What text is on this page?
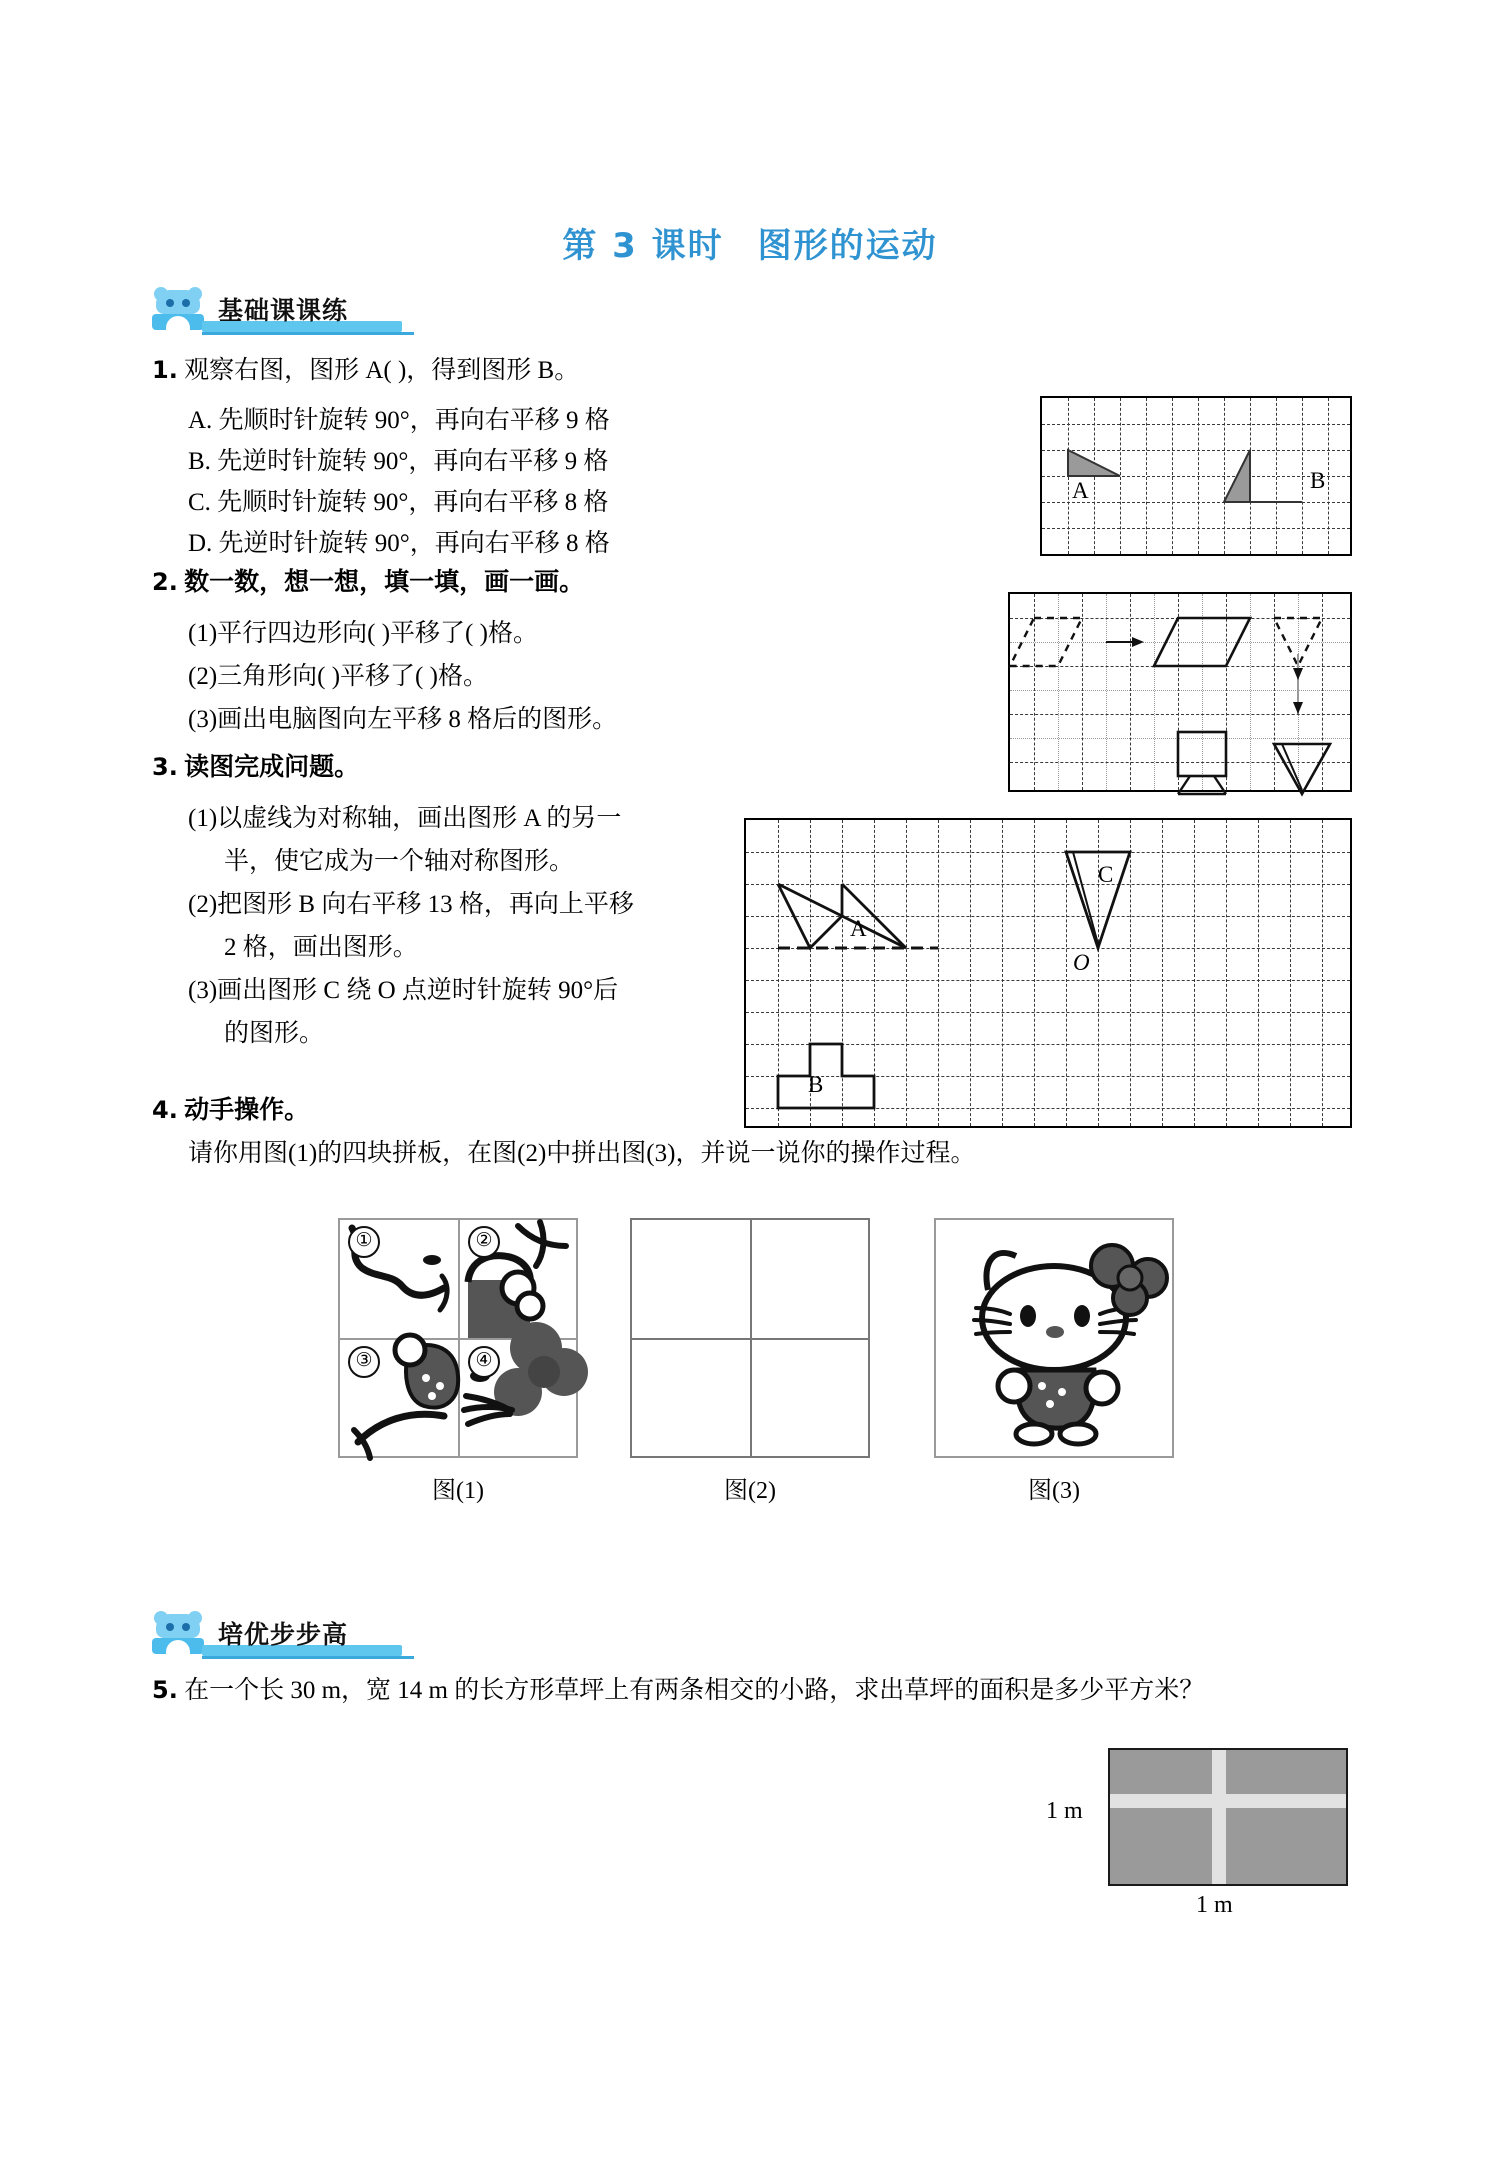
第 3 课时 图形的运动
基础课课练
1. 观察右图，图形 A( )，得到图形 B。
A. 先顺时针旋转 90°，再向右平移 9 格
B. 先逆时针旋转 90°，再向右平移 9 格
C. 先顺时针旋转 90°，再向右平移 8 格
D. 先逆时针旋转 90°，再向右平移 8 格
A	B
2. 数一数，想一想，填一填，画一画。
(1)平行四边形向( )平移了( )格。
(2)三角形向( )平移了( )格。
(3)画出电脑图向左平移 8 格后的图形。
3. 读图完成问题。
(1)以虚线为对称轴，画出图形 A 的另一
半，使它成为一个轴对称图形。
(2)把图形 B 向右平移 13 格，再向上平移
2 格，画出图形。
(3)画出图形 C 绕 O 点逆时针旋转 90°后
的图形。
A
B
C
O
4. 动手操作。
请你用图(1)的四块拼板，在图(2)中拼出图(3)，并说一说你的操作过程。
①	②
③	④
图(1)	图(2)	图(3)
培优步步高
5. 在一个长 30 m，宽 14 m 的长方形草坪上有两条相交的小路，求出草坪的面积是多少平方米？
1 m
1 m
